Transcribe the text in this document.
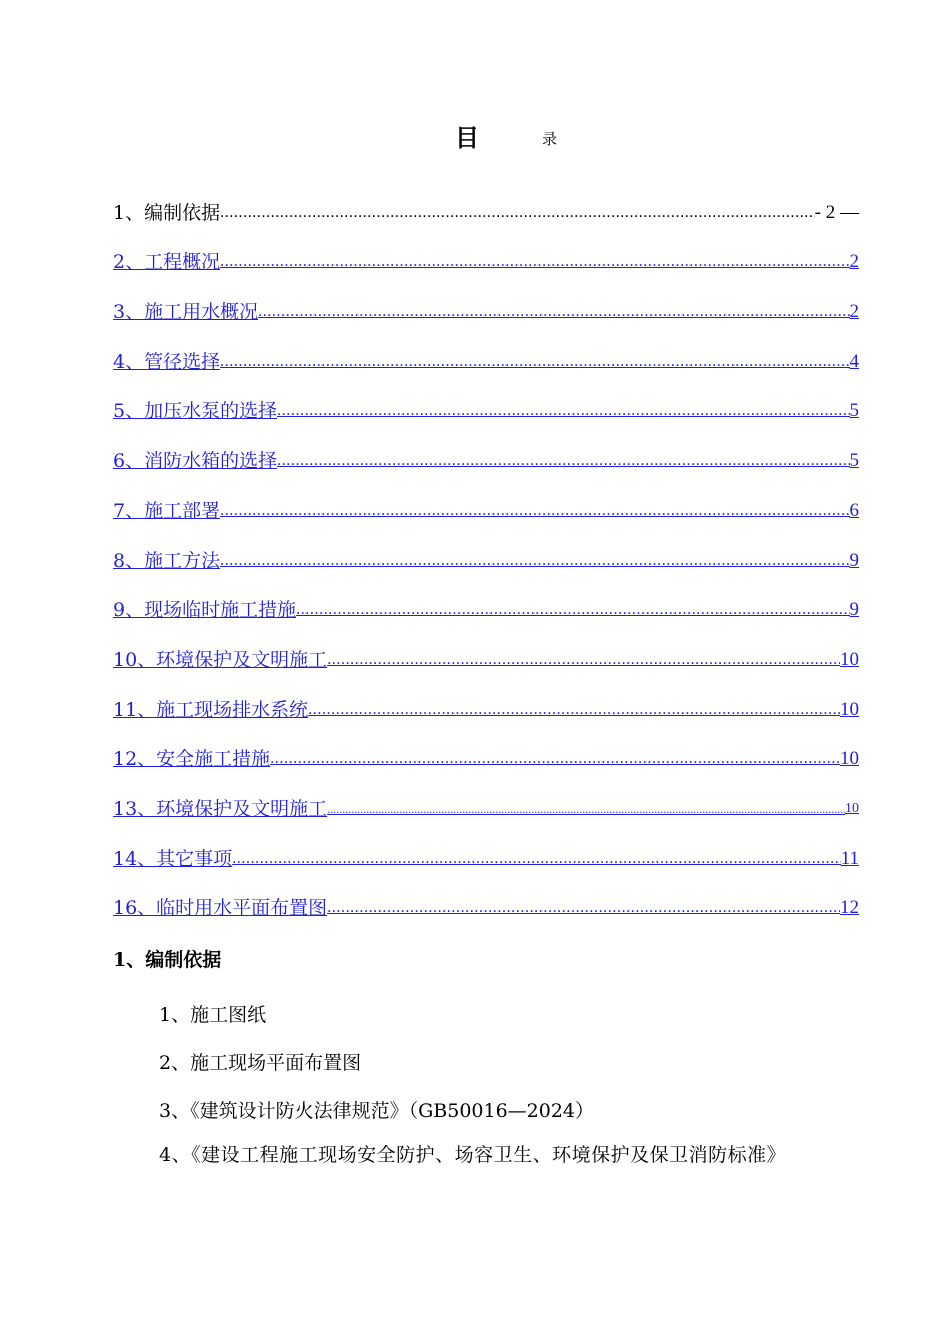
目	录
1、编制依据 .....	- 2 —
2、工程概况 .....	2
3、施工用水概况 .....	2
4、管径选择 .....	4
5、加压水泵的选择 .....	5
6、消防水箱的选择 .....	5
7、施工部署 .....	6
8、施工方法 .....	9
9、现场临时施工措施 .....	9
10、环境保护及文明施工 .....	10
11、施工现场排水系统 .....	10
12、安全施工措施 .....	10
13、环境保护及文明施工 .....	10
14、其它事项 .....	11
16、临时用水平面布置图 .....	12
1、编制依据
1、施工图纸
2、施工现场平面布置图
3、《建筑设计防火法律规范》（GB50016—2024）
4、《建设工程施工现场安全防护、场容卫生、环境保护及保卫消防标准》
